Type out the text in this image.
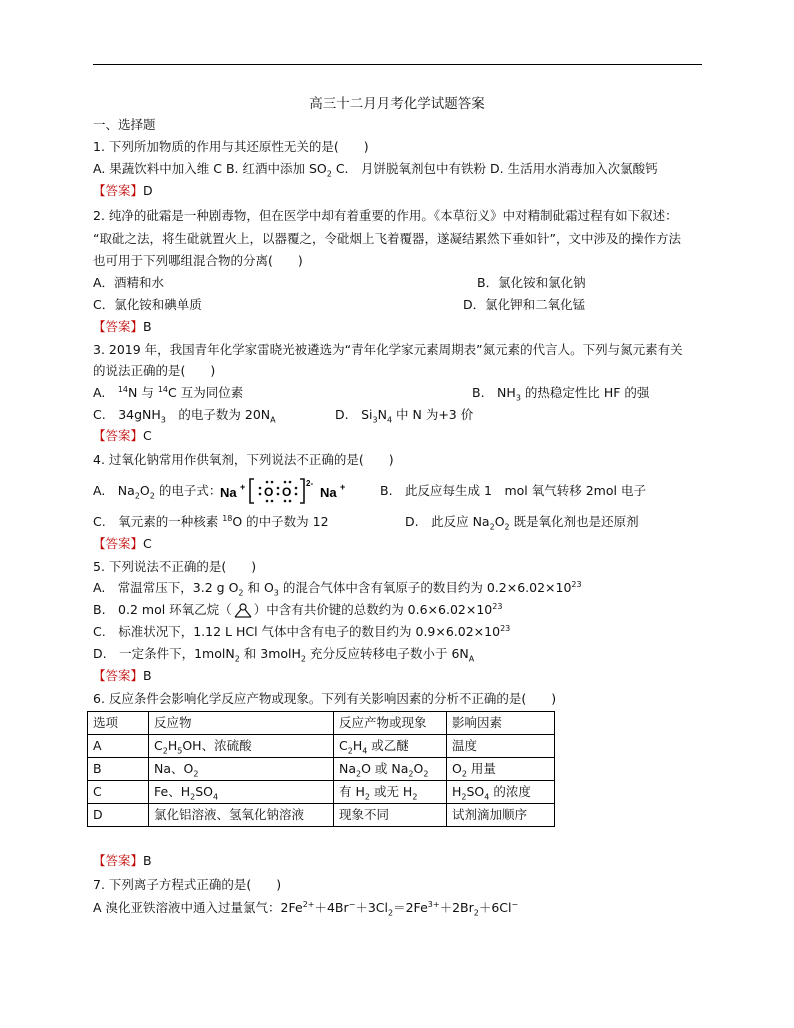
高三十二月月考化学试题答案
一、选择题
1. 下列所加物质的作用与其还原性无关的是(　　)
A. 果蔬饮料中加入维 C B. 红酒中添加 $SO_2$ C.　月饼脱氧剂包中有铁粉 D. 生活用水消毒加入次氯酸钙
【答案】D
2. 纯净的砒霜是一种剧毒物，但在医学中却有着重要的作用。《本草衍义》中对精制砒霜过程有如下叙述：
“取砒之法，将生砒就置火上，以器覆之，令砒烟上飞着覆器，遂凝结累然下垂如针”，文中涉及的操作方法
也可用于下列哪组混合物的分离(　　)
A．酒精和水	B．氯化铵和氯化钠
C．氯化铵和碘单质	D．氯化钾和二氧化锰
【答案】B
3. 2019 年，我国青年化学家雷晓光被遴选为“青年化学家元素周期表”氮元素的代言人。下列与氮元素有关
的说法正确的是(　　)
A.　$^{14}$N 与 $^{14}$C 互为同位素	B.　$NH_3$ 的热稳定性比 HF 的强
C.　34gNH$_3$　的电子数为 $20N_A$	D.　$Si_3N_4$ 中 N 为+3 价
【答案】C
4. 过氧化钠常用作供氧剂，下列说法不正确的是(　　)
A.　$Na_2O_2$ 的电子式：
Na + O O
2-
Na +	B.　此反应每生成 1　mol 氧气转移 2mol 电子
C.　氧元素的一种核素 $^{18}$O 的中子数为 12	D.　此反应 $Na_2O_2$ 既是氧化剂也是还原剂
【答案】C
5. 下列说法不正确的是(　　)
A.　常温常压下，3.2 g $O_2$ 和 $O_3$ 的混合气体中含有氧原子的数目约为 $0.2\times 6.02\times 10^{23}$
B.　0.2 mol 环氧乙烷（ ）中含有共价键的总数约为 $0.6\times 6.02\times 10^{23}$
C.　标准状况下，1.12 L HCl 气体中含有电子的数目约为 $0.9\times 6.02\times 10^{23}$
D.　一定条件下，1molN$_2$ 和 3molH$_2$ 充分反应转移电子数小于 $6N_A$
【答案】B
6. 反应条件会影响化学反应产物或现象。下列有关影响因素的分析不正确的是(　　)
选项	反应物	反应产物或现象	影响因素
A	$C_2H_5OH$、浓硫酸	$C_2H_4$ 或乙醚	温度
B	Na、$O_2$	$Na_2O$ 或 $Na_2O_2$	$O_2$ 用量
C	Fe、$H_2SO_4$	有 $H_2$ 或无 $H_2$	$H_2SO_4$ 的浓度
D	氯化铝溶液、氢氧化钠溶液	现象不同	试剂滴加顺序
【答案】B
7. 下列离子方程式正确的是(　　)
A 溴化亚铁溶液中通入过量氯气：$2Fe^{2+}+4Br^-+3Cl_2=2Fe^{3+}+2Br_2+6Cl^-$
